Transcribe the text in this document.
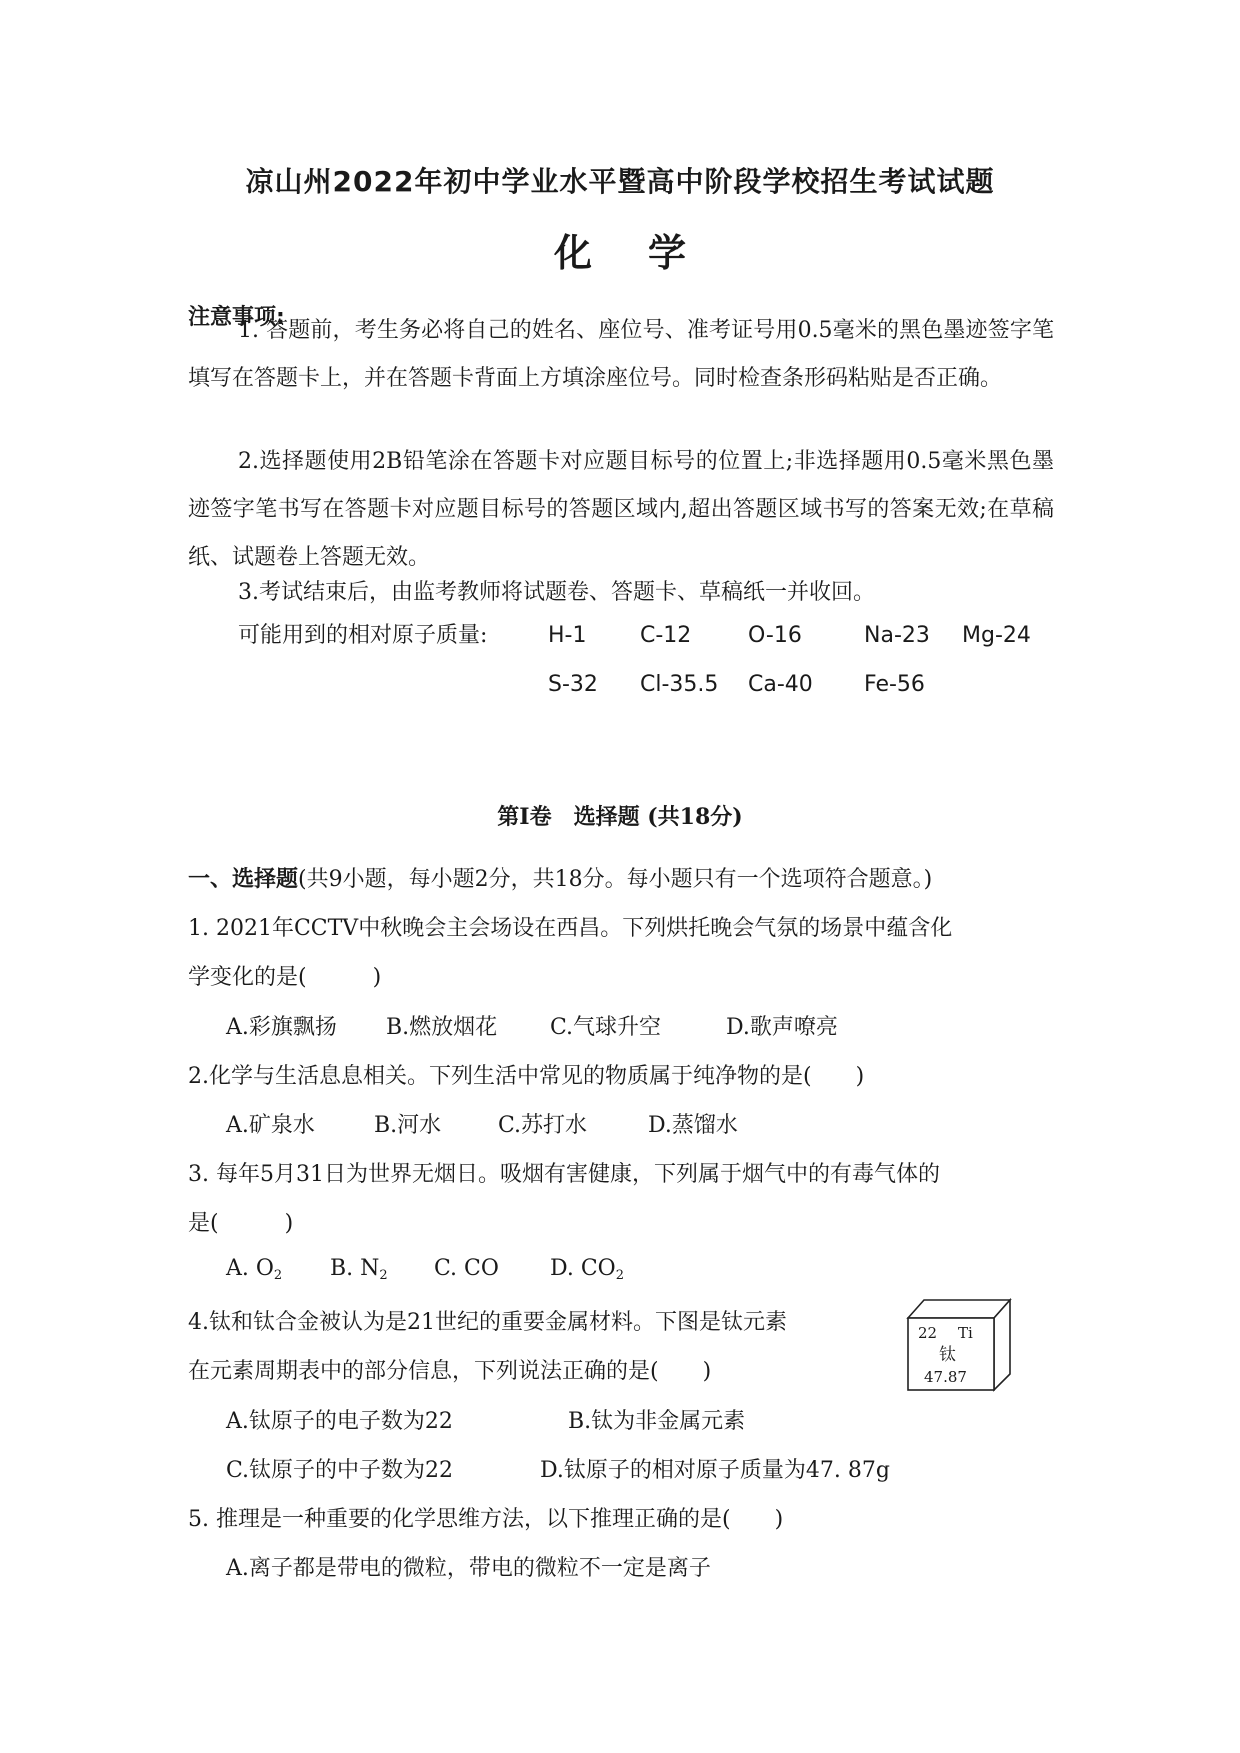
凉山州2022年初中学业水平暨高中阶段学校招生考试试题
化 学
注意事项:
1. 答题前，考生务必将自己的姓名、座位号、准考证号用0.5毫米的黑色墨迹签字笔填写在答题卡上，并在答题卡背面上方填涂座位号。同时检查条形码粘贴是否正确。
2.选择题使用2B铅笔涂在答题卡对应题目标号的位置上;非选择题用0.5毫米黑色墨迹签字笔书写在答题卡对应题目标号的答题区域内,超出答题区域书写的答案无效;在草稿纸、试题卷上答题无效。
3.考试结束后，由监考教师将试题卷、答题卡、草稿纸一并收回。
可能用到的相对原子质量:	H-1 C-12	O-16	Na-23 Mg-24
S-32 Cl-35.5 Ca-40 Fe-56
第Ⅰ卷　选择题 (共18分)
一、选择题(共9小题，每小题2分，共18分。每小题只有一个选项符合题意。)
1. 2021年CCTV中秋晚会主会场设在西昌。下列烘托晚会气氛的场景中蕴含化
学变化的是(　　　)
A.彩旗飘扬 B.燃放烟花 C.气球升空	D.歌声嘹亮
2.化学与生活息息相关。下列生活中常见的物质属于纯净物的是(　　)
A.矿泉水	B.河水	C.苏打水	D.蒸馏水
3. 每年5月31日为世界无烟日。吸烟有害健康，下列属于烟气中的有毒气体的
是(　　　)
A. $O_2$ B. $N_2$ C. CO D. $CO_2$
4.钛和钛合金被认为是21世纪的重要金属材料。下图是钛元素
在元素周期表中的部分信息，下列说法正确的是(　　)
A.钛原子的电子数为22	B.钛为非金属元素
C.钛原子的中子数为22	D.钛原子的相对原子质量为47. 87g
22 Ti
钛
47.87
5. 推理是一种重要的化学思维方法，以下推理正确的是(　　)
A.离子都是带电的微粒，带电的微粒不一定是离子
